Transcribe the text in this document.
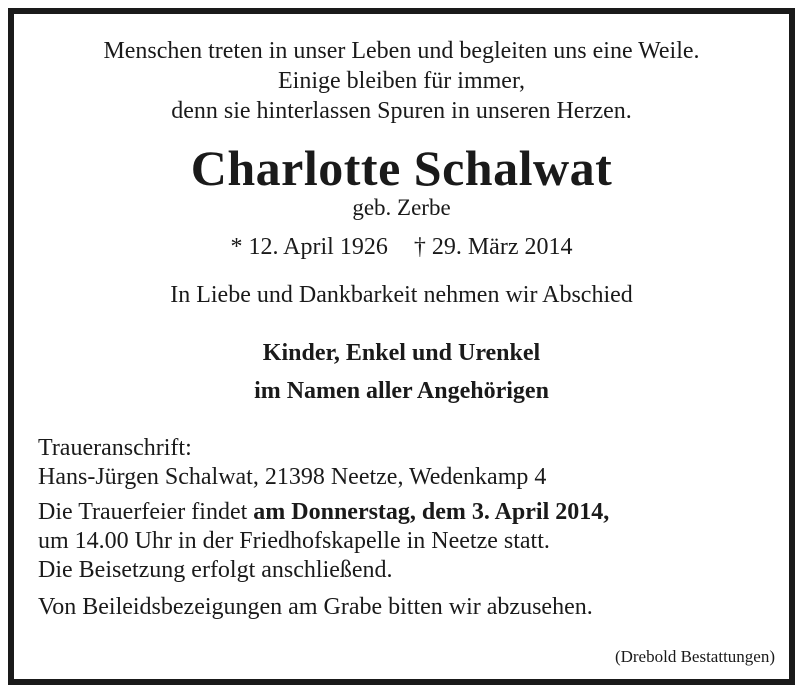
Menschen treten in unser Leben und begleiten uns eine Weile.
Einige bleiben für immer,
denn sie hinterlassen Spuren in unseren Herzen.
Charlotte Schalwat
geb. Zerbe
* 12. April 1926 † 29. März 2014
In Liebe und Dankbarkeit nehmen wir Abschied
Kinder, Enkel und Urenkel
im Namen aller Angehörigen
Traueranschrift:
Hans-Jürgen Schalwat, 21398 Neetze, Wedenkamp 4
Die Trauerfeier findet am Donnerstag, dem 3. April 2014,
um 14.00 Uhr in der Friedhofskapelle in Neetze statt.
Die Beisetzung erfolgt anschließend.
Von Beileidsbezeigungen am Grabe bitten wir abzusehen.
(Drebold Bestattungen)
